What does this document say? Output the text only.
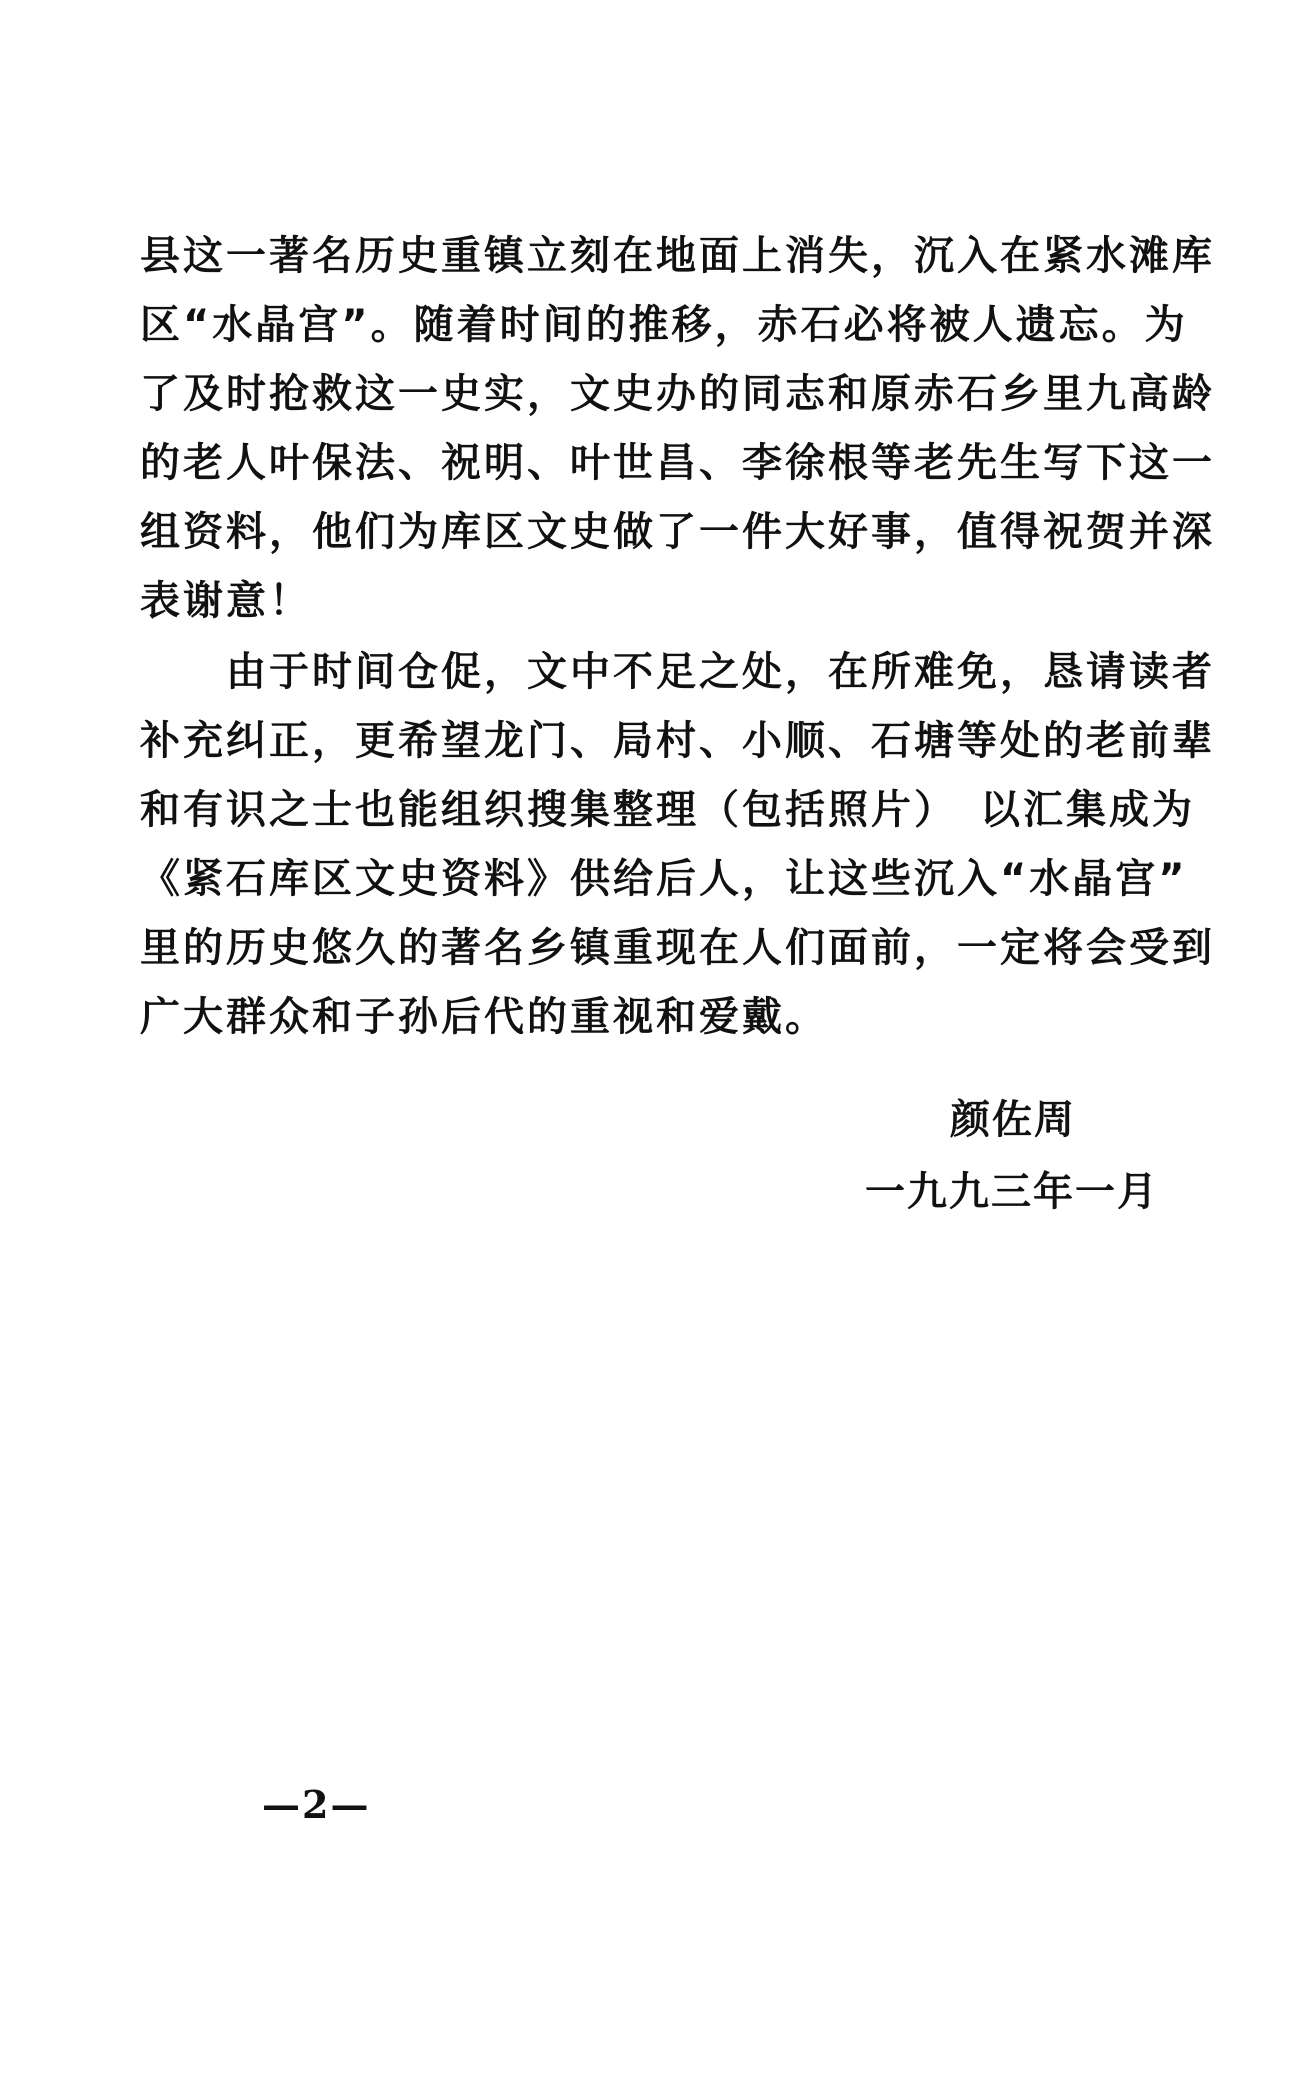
县这一著名历史重镇立刻在地面上消失，沉入在紧水滩库
区“水晶宫”。随着时间的推移，赤石必将被人遗忘。为
了及时抢救这一史实，文史办的同志和原赤石乡里九高龄
的老人叶保法、祝明、叶世昌、李徐根等老先生写下这一
组资料，他们为库区文史做了一件大好事，值得祝贺并深
表谢意！
　　由于时间仓促，文中不足之处，在所难免，恳请读者
补充纠正，更希望龙门、局村、小顺、石塘等处的老前辈
和有识之士也能组织搜集整理（包括照片）　以汇集成为
《紧石库区文史资料》供给后人，让这些沉入“水晶宫”
里的历史悠久的著名乡镇重现在人们面前，一定将会受到
广大群众和子孙后代的重视和爱戴。
颜佐周
一九九三年一月
—2—
